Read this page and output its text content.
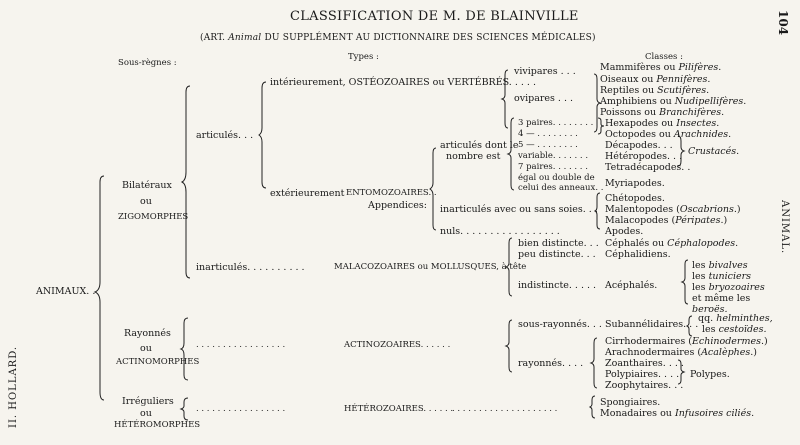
CLASSIFICATION DE M. DE BLAINVILLE
(ART. Animal DU SUPPLÉMENT AU DICTIONNAIRE DES SCIENCES MÉDICALES)
104
ANIMAL.
II. HOLLARD.
Sous-règnes :
Types :	Classes :
ANIMAUX. .
Bilatéraux
ou
ZIGOMORPHES
Rayonnés
ou
ACTINOMORPHES
Irréguliers
ou
HÉTÉROMORPHES
articulés. . .
intérieurement, OSTÉOZOAIRES ou VERTÉBRÉS. . . . .
extérieurement ENTOMOZOAIRES. .
Appendices:
vivipares . . .
ovipares . . .
articulés dont le
nombre est
inarticulés avec ou sans soies. . .
nuls. . . . . . . . . . . . . . . . .
3 paires. . . . . . . .
4 — . . . . . . . .
5 — . . . . . . . .
variable. . . . . . .
7 paires. . . . . . .
égal ou double de
celui des anneaux. .
Mammifères ou Pilifères.
Oiseaux ou Pennifères.
Reptiles ou Scutifères.
Amphibiens ou Nudipellifères.
Poissons ou Branchifères.
Hexapodes ou Insectes.
Octopodes ou Arachnides.
Décapodes. . .
Hétéropodes. . .
Tetradécapodes. .
Crustacés.
Myriapodes.
Chétopodes.
Malentopodes (Oscabrions.)
Malacopodes (Péripates.)
Apodes.
inarticulés. . . . . . . . . .	MALACOZOAIRES ou MOLLUSQUES, à tête
bien distincte. . .
peu distincte. . .
indistincte. . . . .
Céphalés ou Céphalopodes.
Céphalidiens.
Acéphalés.
les bivalves
les tuniciers
les bryozoaires
et même les
beroës.
. . . . . . . . . . . . . . . . .	ACTINOZOAIRES. . . . . .
sous-rayonnés. . .
rayonnés. . . .
Subannélidaires. . .
qq. helminthes,
les cestoïdes.
Cirrhodermaires (Echinodermes.)
Arachnodermaires (Acalèphes.)
Zoanthaires. . . .
Polypiaires. . . .
Zoophytaires. . .
Polypes.
. . . . . . . . . . . . . . . . .	HÉTÉROZOAIRES. . . . . .
. . . . . . . . . . . . . . . . . . . .
Spongiaires.
Monadaires ou Infusoires ciliés.
